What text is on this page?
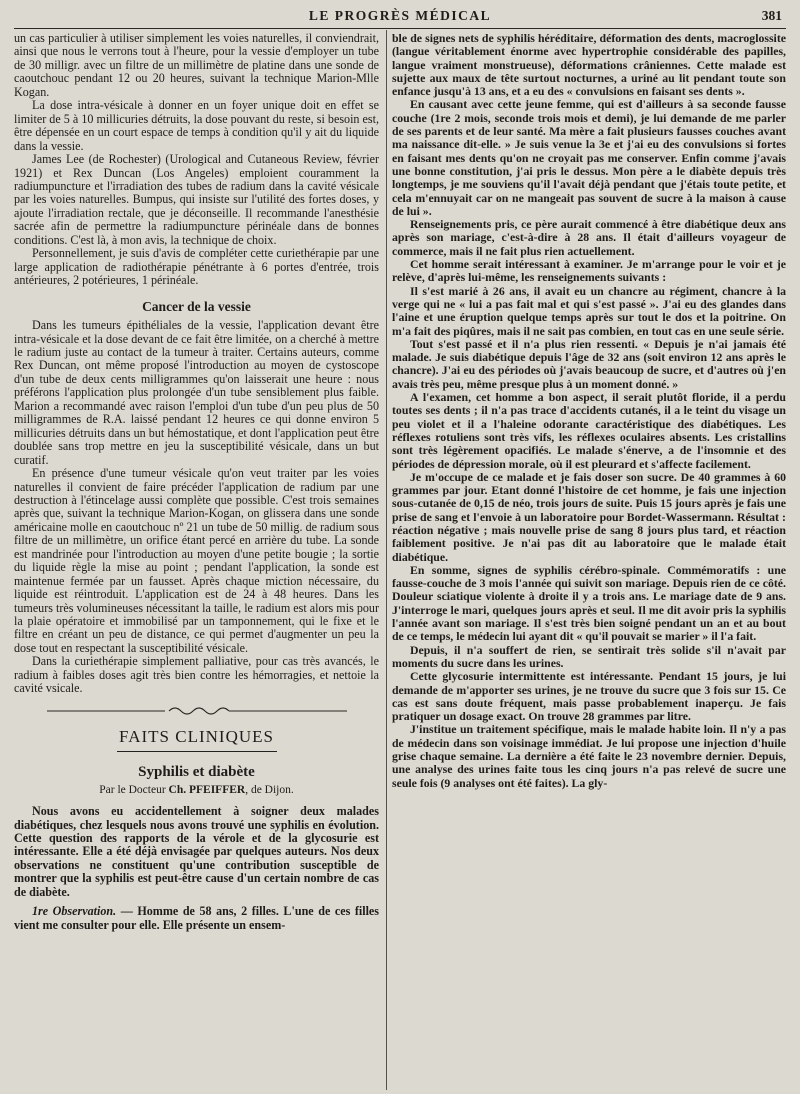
LE PROGRÈS MÉDICAL	381

un cas particulier à utiliser simplement les voies naturelles, il conviendrait, ainsi que nous le verrons tout à l'heure, pour la vessie d'employer un tube de 30 milligr. avec un filtre de un millimètre de platine dans une sonde de caoutchouc pendant 12 ou 20 heures, suivant la technique Marion-Mlle Kogan.

La dose intra-vésicale à donner en un foyer unique doit en effet se limiter de 5 à 10 millicuries détruits, la dose pouvant du reste, si besoin est, être dépensée en un court espace de temps à condition qu'il y ait du liquide dans la vessie.

James Lee (de Rochester) (Urological and Cutaneous Review, février 1921) et Rex Duncan (Los Angeles) emploient couramment la radiumpuncture et l'irradiation des tubes de radium dans la cavité vésicale par les voies naturelles. Bumpus, qui insiste sur l'utilité des fortes doses, y ajoute l'irradiation rectale, que je déconseille. Il recommande l'anesthésie sacrée afin de permettre la radiumpuncture périnéale dans de bonnes conditions. C'est là, à mon avis, la technique de choix.

Personnellement, je suis d'avis de compléter cette curiethérapie par une large application de radiothérapie pénétrante à 6 portes d'entrée, trois antérieures, 2 potérieures, 1 périnéale.

Cancer de la vessie

Dans les tumeurs épithéliales de la vessie, l'application devant être intra-vésicale et la dose devant de ce fait être limitée, on a cherché à mettre le radium juste au contact de la tumeur à traiter. Certains auteurs, comme Rex Duncan, ont même proposé l'introduction au moyen de cystoscope d'un tube de deux cents milligrammes qu'on laisserait une heure : nous préférons l'application plus prolongée d'un tube sensiblement plus faible. Marion a recommandé avec raison l'emploi d'un tube d'un peu plus de 50 milligrammes de R.A. laissé pendant 12 heures ce qui donne environ 5 millicuries détruits dans un but hémostatique, et dont l'application peut être doublée sans trop mettre en jeu la susceptibilité vésicale, dans un but curatif.

En présence d'une tumeur vésicale qu'on veut traiter par les voies naturelles il convient de faire précéder l'application de radium par une destruction à l'étincelage aussi complète que possible. C'est trois semaines après que, suivant la technique Marion-Kogan, on glissera dans une sonde américaine molle en caoutchouc nº 21 un tube de 50 millig. de radium sous filtre de un millimètre, un orifice étant percé en arrière du tube. La sonde est mandrinée pour l'introduction au moyen d'une petite bougie ; la sortie du liquide règle la mise au point ; pendant l'application, la sonde est maintenue fermée par un fausset. Après chaque miction nécessaire, du liquide est réintroduit. L'application est de 24 à 48 heures. Dans les tumeurs très volumineuses nécessitant la taille, le radium est alors mis pour la plaie opératoire et immobilisé par un tamponnement, qui le fixe et le filtre en créant un peu de distance, ce qui permet d'augmenter un peu la dose tout en respectant la susceptibilité vésicale.

Dans la curiethérapie simplement palliative, pour cas très avancés, le radium à faibles doses agit très bien contre les hémorragies, et nettoie la cavité vsicale.

FAITS CLINIQUES
Syphilis et diabète
Par le Docteur Ch. PFEIFFER, de Dijon.

Nous avons eu accidentellement à soigner deux malades diabétiques, chez lesquels nous avons trouvé une syphilis en évolution. Cette question des rapports de la vérole et de la glycosurie est intéressante. Elle a été déjà envisagée par quelques auteurs. Nos deux observations ne constituent qu'une contribution susceptible de montrer que la syphilis est peut-être cause d'un certain nombre de cas de diabète.

1re Observation. — Homme de 58 ans, 2 filles. L'une de ces filles vient me consulter pour elle. Elle présente un ensem-

ble de signes nets de syphilis héréditaire, déformation des dents, macroglossite (langue véritablement énorme avec hypertrophie considérable des papilles, langue vraiment monstrueuse), déformations crâniennes. Cette malade est sujette aux maux de tête surtout nocturnes, a uriné au lit pendant toute son enfance jusqu'à 13 ans, et a eu des « convulsions en faisant ses dents ».

En causant avec cette jeune femme, qui est d'ailleurs à sa seconde fausse couche (1re 2 mois, seconde trois mois et demi), je lui demande de me parler de ses parents et de leur santé. Ma mère a fait plusieurs fausses couches avant ma naissance dit-elle. » Je suis venue la 3e et j'ai eu des convulsions si fortes en faisant mes dents qu'on ne croyait pas me conserver. Enfin comme j'avais une bonne constitution, j'ai pris le dessus. Mon père a le diabète depuis très longtemps, je me souviens qu'il l'avait déjà pendant que j'étais toute petite, et cela m'ennuyait car on ne mangeait pas souvent de sucre à la maison à cause de lui ».

Renseignements pris, ce père aurait commencé à être diabétique deux ans après son mariage, c'est-à-dire à 28 ans. Il était d'ailleurs voyageur de commerce, mais il ne fait plus rien actuellement.

Cet homme serait intéressant à examiner. Je m'arrange pour le voir et je relève, d'après lui-même, les renseignements suivants :

Il s'est marié à 26 ans, il avait eu un chancre au régiment, chancre à la verge qui ne « lui a pas fait mal et qui s'est passé ». J'ai eu des glandes dans l'aine et une éruption quelque temps après sur tout le dos et la poitrine. On m'a fait des piqûres, mais il ne sait pas combien, en tout cas en une seule série.

Tout s'est passé et il n'a plus rien ressenti. « Depuis je n'ai jamais été malade. Je suis diabétique depuis l'âge de 32 ans (soit environ 12 ans après le chancre). J'ai eu des périodes où j'avais beaucoup de sucre, et d'autres où j'en avais très peu, même presque plus à un moment donné. »

A l'examen, cet homme a bon aspect, il serait plutôt floride, il a perdu toutes ses dents ; il n'a pas trace d'accidents cutanés, il a le teint du visage un peu violet et il a l'haleine odorante caractéristique des diabétiques. Les réflexes rotuliens sont très vifs, les réflexes oculaires absents. Les cristallins sont très légèrement opacifiés. Le malade s'énerve, a de l'insomnie et des périodes de dépression morale, où il est pleurard et s'affecte facilement.

Je m'occupe de ce malade et je fais doser son sucre. De 40 grammes à 60 grammes par jour. Etant donné l'histoire de cet homme, je fais une injection sous-cutanée de 0,15 de néo, trois jours de suite. Puis 15 jours après je fais une prise de sang et l'envoie à un laboratoire pour Bordet-Wassermann. Résultat : réaction négative ; mais nouvelle prise de sang 8 jours plus tard, et réaction faiblement positive. Je n'ai pas dit au laboratoire que le malade était diabétique.

En somme, signes de syphilis cérébro-spinale. Commémoratifs : une fausse-couche de 3 mois l'année qui suivit son mariage. Depuis rien de ce côté. Douleur sciatique violente à droite il y a trois ans. Le mariage date de 9 ans. J'interroge le mari, quelques jours après et seul. Il me dit avoir pris la syphilis l'année avant son mariage. Il s'est très bien soigné pendant un an et au bout de ce temps, le médecin lui ayant dit « qu'il pouvait se marier » il l'a fait.

Depuis, il n'a souffert de rien, se sentirait très solide s'il n'avait par moments du sucre dans les urines.

Cette glycosurie intermittente est intéressante. Pendant 15 jours, je lui demande de m'apporter ses urines, je ne trouve du sucre que 3 fois sur 15. Ce cas est sans doute fréquent, mais passe probablement inaperçu. Je fais pratiquer un dosage exact. On trouve 28 grammes par litre.

J'institue un traitement spécifique, mais le malade habite loin. Il n'y a pas de médecin dans son voisinage immédiat. Je lui propose une injection d'huile grise chaque semaine. La dernière a été faite le 23 novembre dernier. Depuis, une analyse des urines faite tous les cinq jours n'a pas relevé de sucre une seule fois (9 analyses ont été faites). La gly-
